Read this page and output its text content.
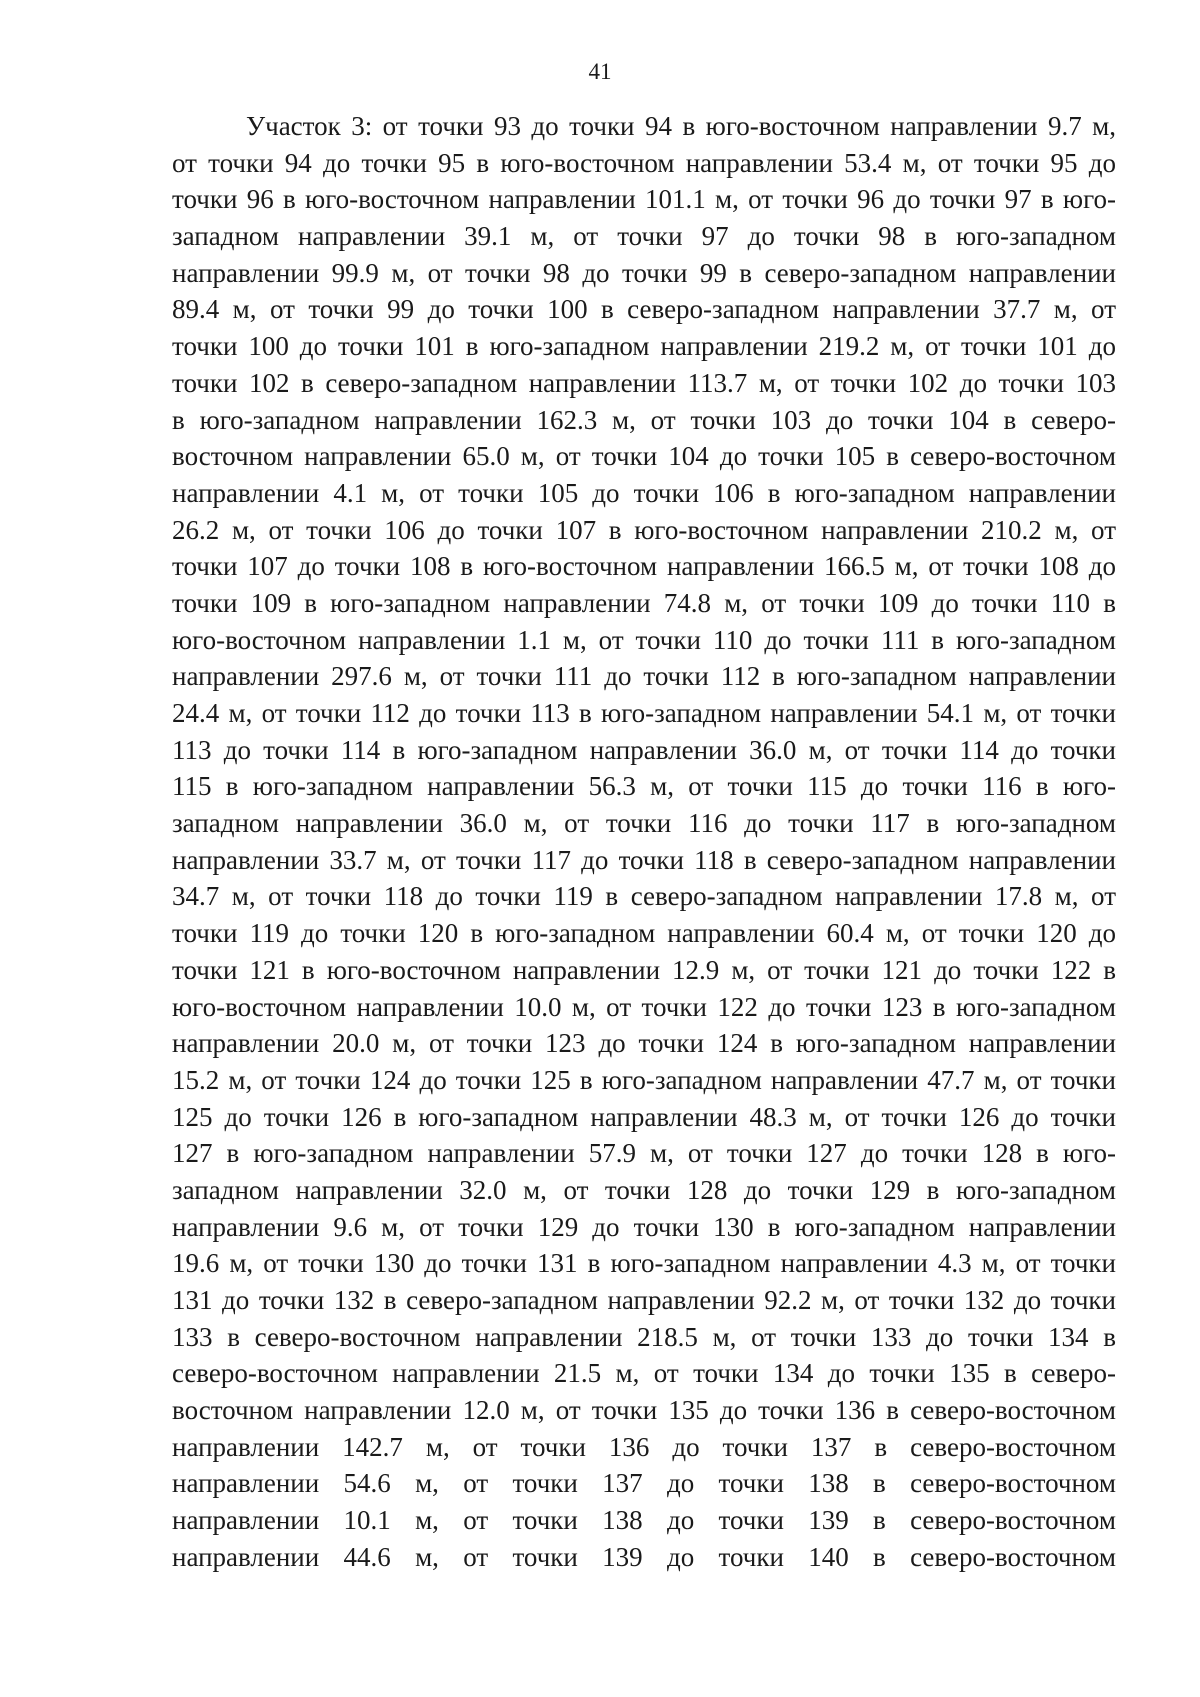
41
Участок 3: от точки 93 до точки 94 в юго-восточном направлении 9.7 м,
от точки 94 до точки 95 в юго-восточном направлении 53.4 м, от точки 95 до
точки 96 в юго-восточном направлении 101.1 м, от точки 96 до точки 97 в юго-
западном направлении 39.1 м, от точки 97 до точки 98 в юго-западном
направлении 99.9 м, от точки 98 до точки 99 в северо-западном направлении
89.4 м, от точки 99 до точки 100 в северо-западном направлении 37.7 м, от
точки 100 до точки 101 в юго-западном направлении 219.2 м, от точки 101 до
точки 102 в северо-западном направлении 113.7 м, от точки 102 до точки 103
в юго-западном направлении 162.3 м, от точки 103 до точки 104 в северо-
восточном направлении 65.0 м, от точки 104 до точки 105 в северо-восточном
направлении 4.1 м, от точки 105 до точки 106 в юго-западном направлении
26.2 м, от точки 106 до точки 107 в юго-восточном направлении 210.2 м, от
точки 107 до точки 108 в юго-восточном направлении 166.5 м, от точки 108 до
точки 109 в юго-западном направлении 74.8 м, от точки 109 до точки 110 в
юго-восточном направлении 1.1 м, от точки 110 до точки 111 в юго-западном
направлении 297.6 м, от точки 111 до точки 112 в юго-западном направлении
24.4 м, от точки 112 до точки 113 в юго-западном направлении 54.1 м, от точки
113 до точки 114 в юго-западном направлении 36.0 м, от точки 114 до точки
115 в юго-западном направлении 56.3 м, от точки 115 до точки 116 в юго-
западном направлении 36.0 м, от точки 116 до точки 117 в юго-западном
направлении 33.7 м, от точки 117 до точки 118 в северо-западном направлении
34.7 м, от точки 118 до точки 119 в северо-западном направлении 17.8 м, от
точки 119 до точки 120 в юго-западном направлении 60.4 м, от точки 120 до
точки 121 в юго-восточном направлении 12.9 м, от точки 121 до точки 122 в
юго-восточном направлении 10.0 м, от точки 122 до точки 123 в юго-западном
направлении 20.0 м, от точки 123 до точки 124 в юго-западном направлении
15.2 м, от точки 124 до точки 125 в юго-западном направлении 47.7 м, от точки
125 до точки 126 в юго-западном направлении 48.3 м, от точки 126 до точки
127 в юго-западном направлении 57.9 м, от точки 127 до точки 128 в юго-
западном направлении 32.0 м, от точки 128 до точки 129 в юго-западном
направлении 9.6 м, от точки 129 до точки 130 в юго-западном направлении
19.6 м, от точки 130 до точки 131 в юго-западном направлении 4.3 м, от точки
131 до точки 132 в северо-западном направлении 92.2 м, от точки 132 до точки
133 в северо-восточном направлении 218.5 м, от точки 133 до точки 134 в
северо-восточном направлении 21.5 м, от точки 134 до точки 135 в северо-
восточном направлении 12.0 м, от точки 135 до точки 136 в северо-восточном
направлении 142.7 м, от точки 136 до точки 137 в северо-восточном
направлении 54.6 м, от точки 137 до точки 138 в северо-восточном
направлении 10.1 м, от точки 138 до точки 139 в северо-восточном
направлении 44.6 м, от точки 139 до точки 140 в северо-восточном
